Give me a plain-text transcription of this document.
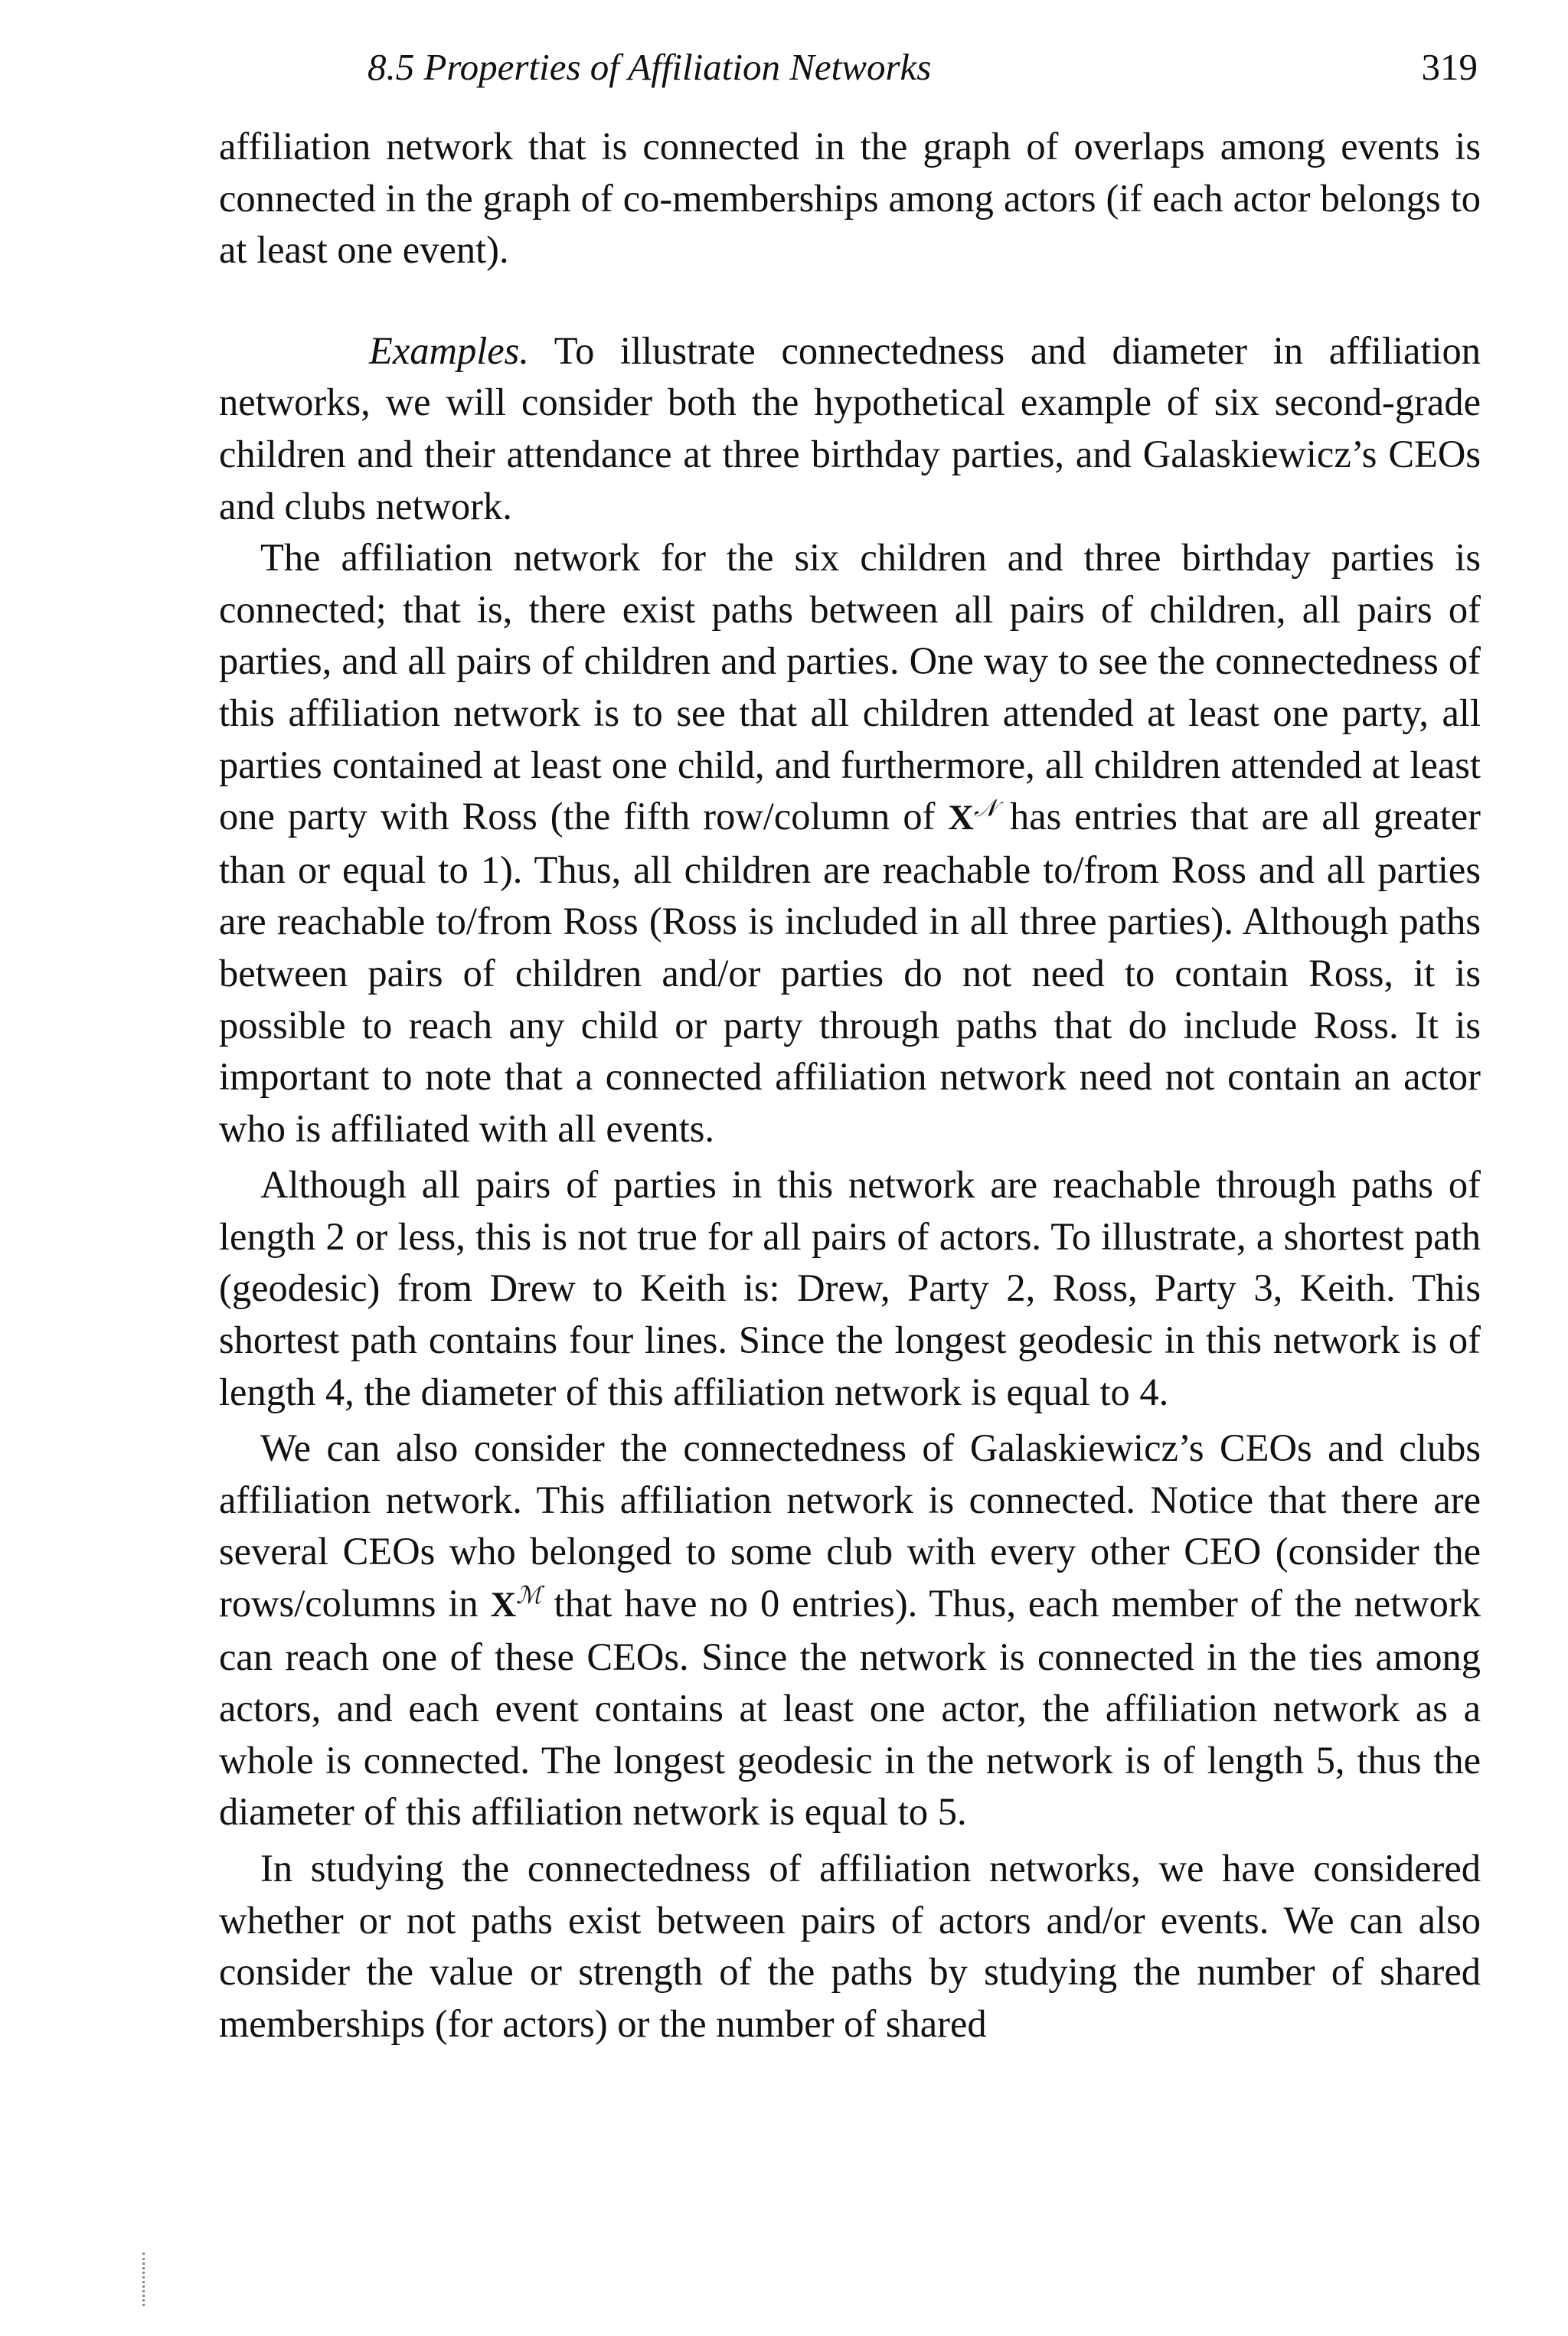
8.5 Properties of Affiliation Networks	319

affiliation network that is connected in the graph of overlaps among events is connected in the graph of co-memberships among actors (if each actor belongs to at least one event).

Examples. To illustrate connectedness and diameter in affiliation networks, we will consider both the hypothetical example of six second-grade children and their attendance at three birthday parties, and Galaskiewicz’s CEOs and clubs network.

The affiliation network for the six children and three birthday parties is connected; that is, there exist paths between all pairs of children, all pairs of parties, and all pairs of children and parties. One way to see the connectedness of this affiliation network is to see that all children attended at least one party, all parties contained at least one child, and furthermore, all children attended at least one party with Ross (the fifth row/column of $X^𝒩$ has entries that are all greater than or equal to 1). Thus, all children are reachable to/from Ross and all parties are reachable to/from Ross (Ross is included in all three parties). Although paths between pairs of children and/or parties do not need to contain Ross, it is possible to reach any child or party through paths that do include Ross. It is important to note that a connected affiliation network need not contain an actor who is affiliated with all events.

Although all pairs of parties in this network are reachable through paths of length 2 or less, this is not true for all pairs of actors. To illustrate, a shortest path (geodesic) from Drew to Keith is: Drew, Party 2, Ross, Party 3, Keith. This shortest path contains four lines. Since the longest geodesic in this network is of length 4, the diameter of this affiliation network is equal to 4.

We can also consider the connectedness of Galaskiewicz’s CEOs and clubs affiliation network. This affiliation network is connected. Notice that there are several CEOs who belonged to some club with every other CEO (consider the rows/columns in $X^ℳ$ that have no 0 entries). Thus, each member of the network can reach one of these CEOs. Since the network is connected in the ties among actors, and each event contains at least one actor, the affiliation network as a whole is connected. The longest geodesic in the network is of length 5, thus the diameter of this affiliation network is equal to 5.

In studying the connectedness of affiliation networks, we have considered whether or not paths exist between pairs of actors and/or events. We can also consider the value or strength of the paths by studying the number of shared memberships (for actors) or the number of shared
